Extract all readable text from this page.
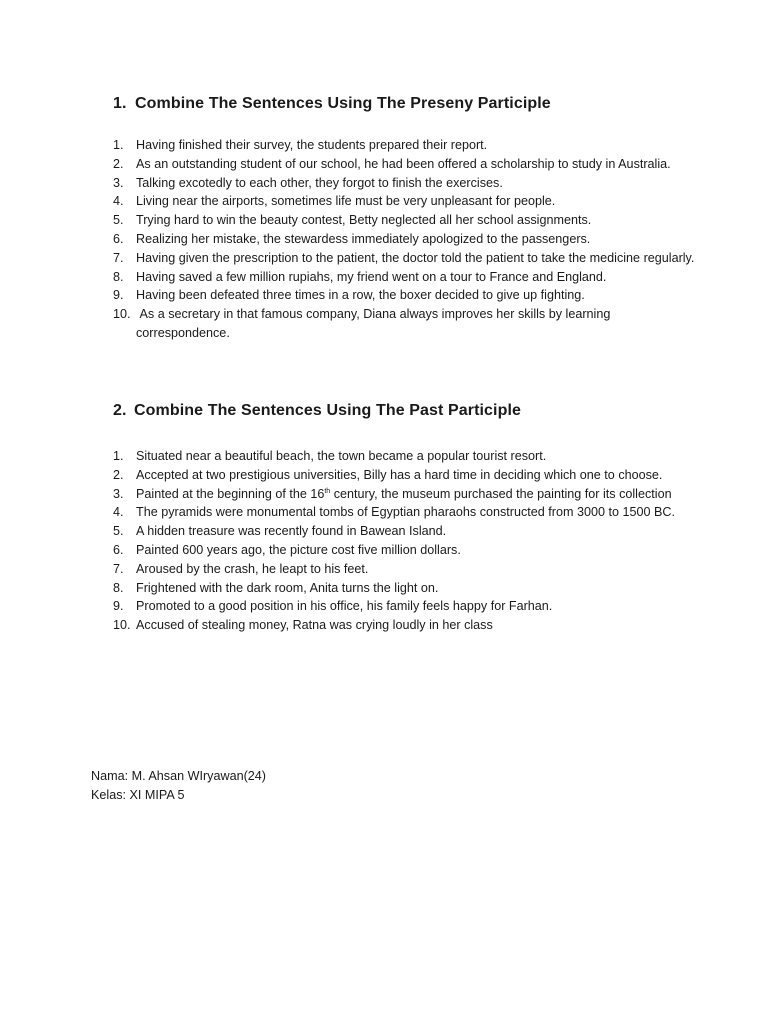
1. Combine The Sentences Using The Preseny Participle
1. Having finished their survey, the students prepared their report.
2. As an outstanding student of our school, he had been offered a scholarship to study in Australia.
3. Talking excotedly to each other, they forgot to finish the exercises.
4. Living near the airports, sometimes life must be very unpleasant for people.
5. Trying hard to win the beauty contest, Betty neglected all her school assignments.
6. Realizing her mistake, the stewardess immediately apologized to the passengers.
7. Having given the prescription to the patient, the doctor told the patient to take the medicine regularly.
8. Having saved a few million rupiahs, my friend went on a tour to France and England.
9. Having been defeated three times in a row, the boxer decided to give up fighting.
10. As a secretary in that famous company, Diana always improves her skills by learning correspondence.
2. Combine The Sentences Using The Past Participle
1. Situated near a beautiful beach, the town became a popular tourist resort.
2. Accepted at two prestigious universities, Billy has a hard time in deciding which one to choose.
3. Painted at the beginning of the 16th century, the museum purchased the painting for its collection
4. The pyramids were monumental tombs of Egyptian pharaohs constructed from 3000 to 1500 BC.
5. A hidden treasure was recently found in Bawean Island.
6. Painted 600 years ago, the picture cost five million dollars.
7. Aroused by the crash, he leapt to his feet.
8. Frightened with the dark room, Anita turns the light on.
9. Promoted to a good position in his office, his family feels happy for Farhan.
10. Accused of stealing money, Ratna was crying loudly in her class
Nama: M. Ahsan WIryawan(24)
Kelas: XI MIPA 5
